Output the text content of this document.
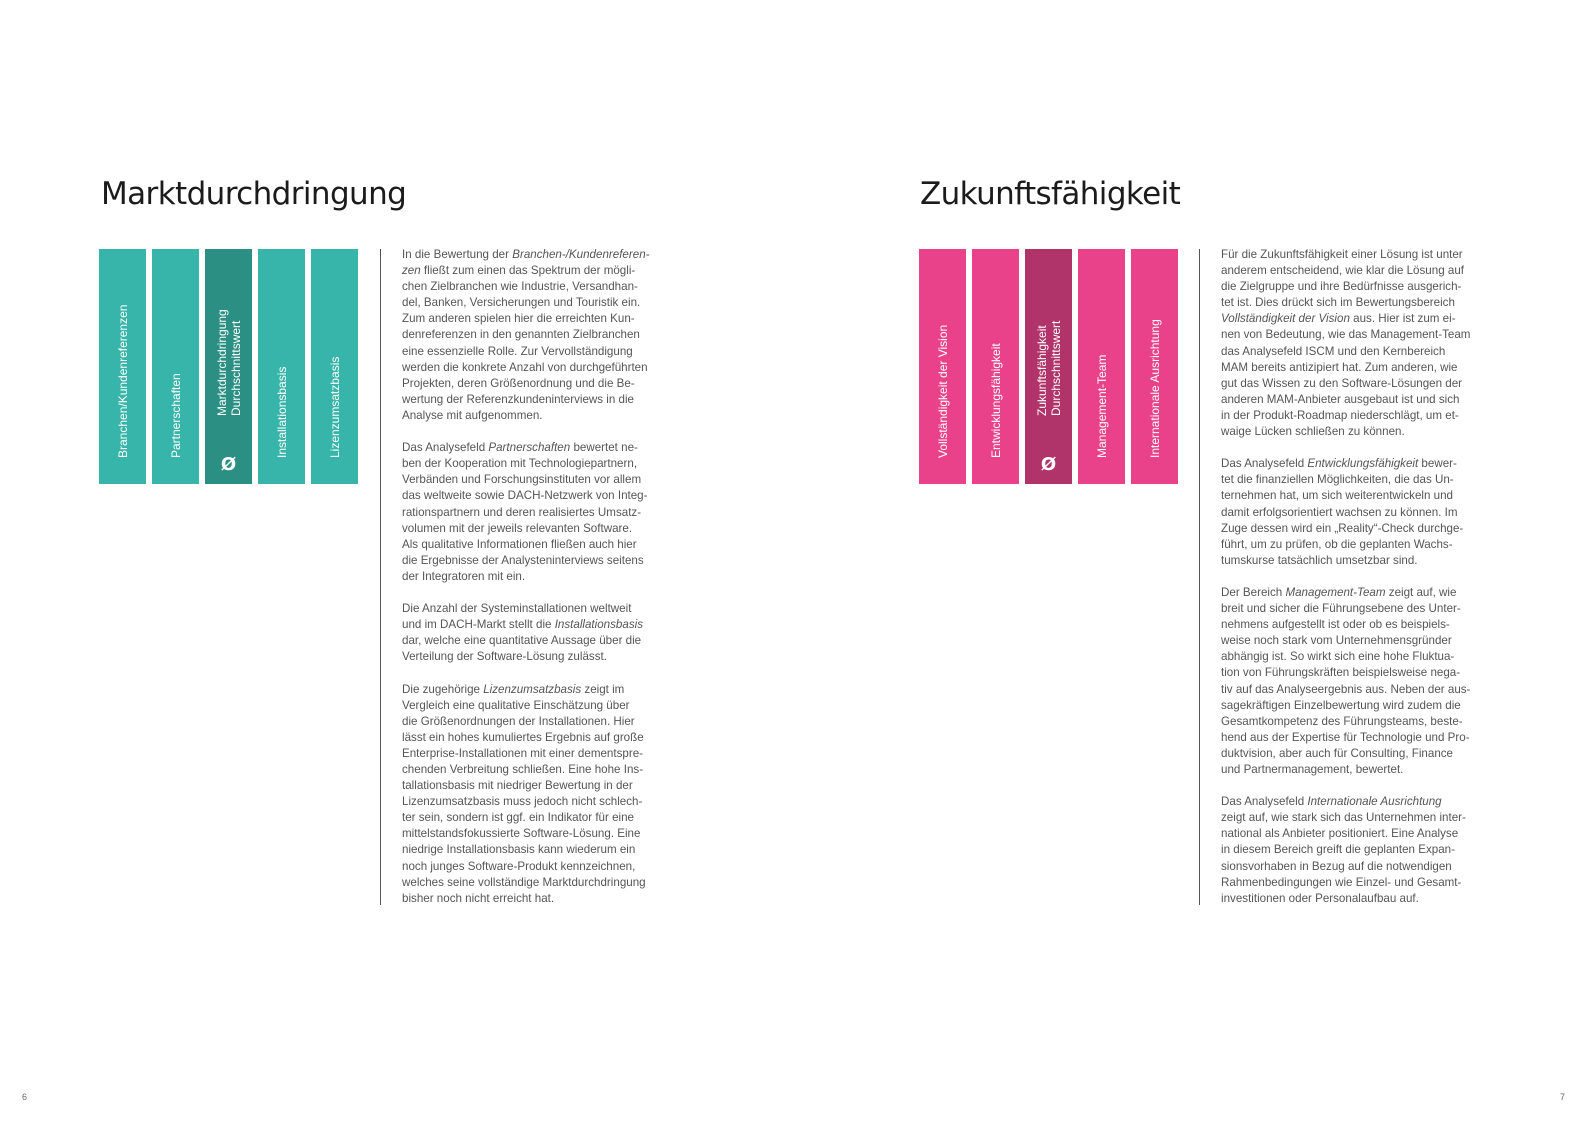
Marktdurchdringung
Branchen/Kundenreferenzen	Partnerschaften	Marktdurchdringung Durchschnittswert
Ø
Installationsbasis	Lizenzumsatzbasis

In die Bewertung der Branchen-/Kundenreferen-
zen fließt zum einen das Spektrum der mögli-
chen Zielbranchen wie Industrie, Versandhan-
del, Banken, Versicherungen und Touristik ein.
Zum anderen spielen hier die erreichten Kun-
denreferenzen in den genannten Zielbranchen
eine essenzielle Rolle. Zur Vervollständigung
werden die konkrete Anzahl von durchgeführten
Projekten, deren Größenordnung und die Be-
wertung der Referenzkundeninterviews in die
Analyse mit aufgenommen.

Das Analysefeld Partnerschaften bewertet ne-
ben der Kooperation mit Technologiepartnern,
Verbänden und Forschungsinstituten vor allem
das weltweite sowie DACH-Netzwerk von Integ-
rationspartnern und deren realisiertes Umsatz-
volumen mit der jeweils relevanten Software.
Als qualitative Informationen fließen auch hier
die Ergebnisse der Analysteninterviews seitens
der Integratoren mit ein.

Die Anzahl der Systeminstallationen weltweit
und im DACH-Markt stellt die Installationsbasis
dar, welche eine quantitative Aussage über die
Verteilung der Software-Lösung zulässt.

Die zugehörige Lizenzumsatzbasis zeigt im
Vergleich eine qualitative Einschätzung über
die Größenordnungen der Installationen. Hier
lässt ein hohes kumuliertes Ergebnis auf große
Enterprise-Installationen mit einer dementspre-
chenden Verbreitung schließen. Eine hohe Ins-
tallationsbasis mit niedriger Bewertung in der
Lizenzumsatzbasis muss jedoch nicht schlech-
ter sein, sondern ist ggf. ein Indikator für eine
mittelstandsfokussierte Software-Lösung. Eine
niedrige Installationsbasis kann wiederum ein
noch junges Software-Produkt kennzeichnen,
welches seine vollständige Marktdurchdringung
bisher noch nicht erreicht hat.

6
Zukunftsfähigkeit
Vollständigkeit der Vision	Entwicklungsfähigkeit	Zukunftsfähigkeit Durchschnittswert
Ø
Management-Team	Internationale Ausrichtung

Für die Zukunftsfähigkeit einer Lösung ist unter
anderem entscheidend, wie klar die Lösung auf
die Zielgruppe und ihre Bedürfnisse ausgerich-
tet ist. Dies drückt sich im Bewertungsbereich
Vollständigkeit der Vision aus. Hier ist zum ei-
nen von Bedeutung, wie das Management-Team
das Analysefeld ISCM und den Kernbereich
MAM bereits antizipiert hat. Zum anderen, wie
gut das Wissen zu den Software-Lösungen der
anderen MAM-Anbieter ausgebaut ist und sich
in der Produkt-Roadmap niederschlägt, um et-
waige Lücken schließen zu können.

Das Analysefeld Entwicklungsfähigkeit bewer-
tet die finanziellen Möglichkeiten, die das Un-
ternehmen hat, um sich weiterentwickeln und
damit erfolgsorientiert wachsen zu können. Im
Zuge dessen wird ein „Reality“-Check durchge-
führt, um zu prüfen, ob die geplanten Wachs-
tumskurse tatsächlich umsetzbar sind.

Der Bereich Management-Team zeigt auf, wie
breit und sicher die Führungsebene des Unter-
nehmens aufgestellt ist oder ob es beispiels-
weise noch stark vom Unternehmensgründer
abhängig ist. So wirkt sich eine hohe Fluktua-
tion von Führungskräften beispielsweise nega-
tiv auf das Analyseergebnis aus. Neben der aus-
sagekräftigen Einzelbewertung wird zudem die
Gesamtkompetenz des Führungsteams, beste-
hend aus der Expertise für Technologie und Pro-
duktvision, aber auch für Consulting, Finance
und Partnermanagement, bewertet.

Das Analysefeld Internationale Ausrichtung
zeigt auf, wie stark sich das Unternehmen inter-
national als Anbieter positioniert. Eine Analyse
in diesem Bereich greift die geplanten Expan-
sionsvorhaben in Bezug auf die notwendigen
Rahmenbedingungen wie Einzel- und Gesamt-
investitionen oder Personalaufbau auf.

7
